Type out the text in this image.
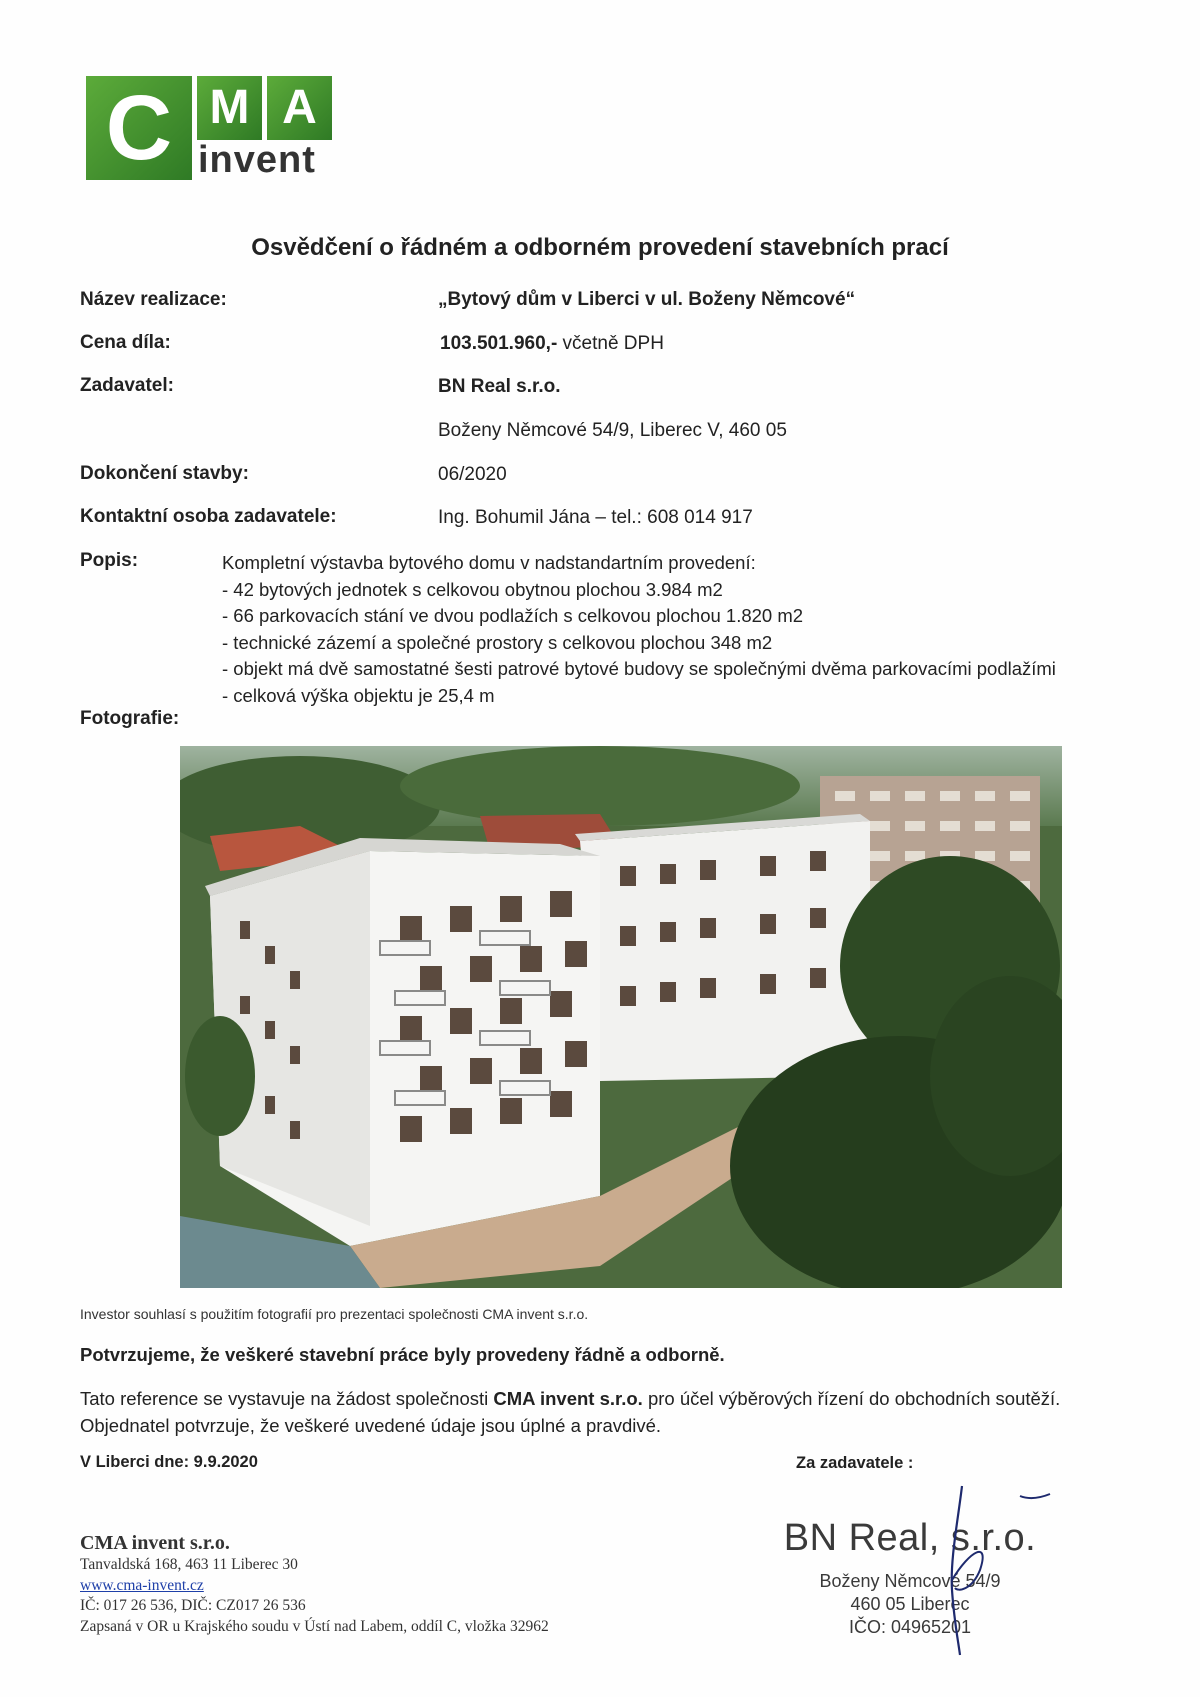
C M A
invent
Osvědčení o řádném a odborném provedení stavebních prací
Název realizace:	„Bytový dům v Liberci v ul. Boženy Němcové“
Cena díla:	103.501.960,- včetně DPH
Zadavatel:	BN Real s.r.o.
Boženy Němcové 54/9, Liberec V, 460 05
Dokončení stavby:	06/2020
Kontaktní osoba zadavatele:	Ing. Bohumil Jána – tel.: 608 014 917
Popis:	Kompletní výstavba bytového domu v nadstandartním provedení:
- 42 bytových jednotek s celkovou obytnou plochou 3.984 m2
- 66 parkovacích stání ve dvou podlažích s celkovou plochou 1.820 m2
- technické zázemí a společné prostory s celkovou plochou 348 m2
- objekt má dvě samostatné šesti patrové bytové budovy se společnými dvěma parkovacími podlažími
- celková výška objektu je 25,4 m
Fotografie:
Investor souhlasí s použitím fotografií pro prezentaci společnosti CMA invent s.r.o.
Potvrzujeme, že veškeré stavební práce byly provedeny řádně a odborně.
Tato reference se vystavuje na žádost společnosti CMA invent s.r.o. pro účel výběrových řízení do obchodních soutěží. Objednatel potvrzuje, že veškeré uvedené údaje jsou úplné a pravdivé.
V Liberci dne: 9.9.2020	Za zadavatele :
CMA invent s.r.o.
Tanvaldská 168, 463 11 Liberec 30
www.cma-invent.cz
IČ: 017 26 536, DIČ: CZ017 26 536
Zapsaná v OR u Krajského soudu v Ústí nad Labem, oddíl C, vložka 32962
BN Real, s.r.o.
Boženy Němcové 54/9
460 05 Liberec
IČO: 04965201
